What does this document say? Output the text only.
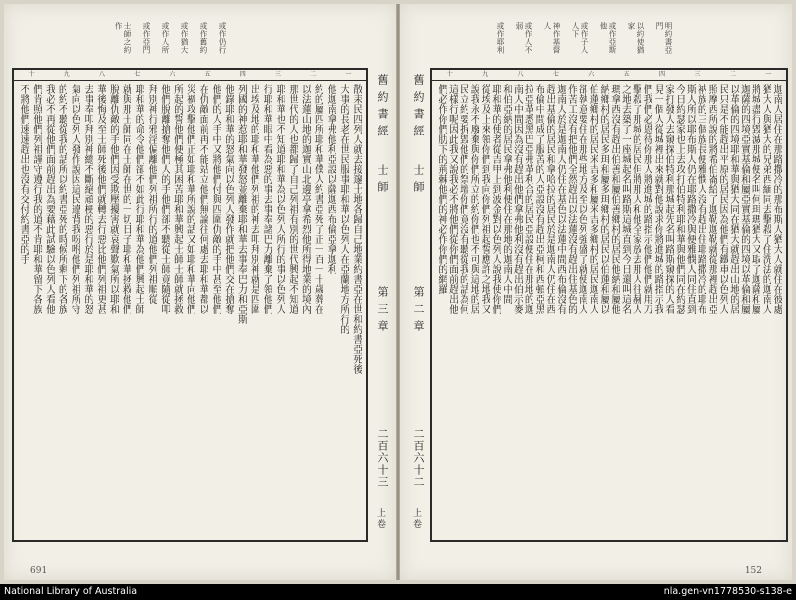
或作仍行
或作舊約
或作猶大
或作人所
或作亞門
士師之約作
一
二
三
四
五
六
七
八
九
十
散耒民四列人就去接邃土地各歸自己地業約書亞在世和約書亞死後
大事的長老在世民服事耶和華以色列人在亞蘭地方所行的
他迦南拿弗他利亞設以薩迦西布倫亞拿迦利
約的屬四所耶和華僕人約書亞死了正一百一十歲葬在
以法蓮山地的迦實山北邊亭拿希烈他所得地業的境內
那世代的人也都歸了自己列祖有別的世代興起不知道
耶和華也不知道耶和華為以色列人所行的事以色列人
行耶和華眼中看為惡的事去事奉諸巴力離棄了領他們
出埃及地的耶和華他們列祖的神去叩拜別神就是四圍
列國的神惹耶和華發怒並離棄耶和華去事奉巴力和亞斯
他錄耶和華的怒氣向以色列人發作就把他們交在搶奪
他們的人手中又將他們付與四圍仇敵的手中甚至他們
在仇敵面前再不能站立他們無論往何處去耶和華都以
災禍攻擊他們正如耶和華所說的話又如耶和華向他們
所起的誓他們便極其困苦耶和華興起士師士師就拯救
他們脫離搶奪他們人的手他們卻不聽從士師竟隨從叩
拜別神行邪淫偏離他們列祖所行的道他們列祖順從
耶和華的命令他們卻不如此行耶和華為他們興起士師
就與那士師同在士師在世的一切日子耶和華拯救他們
脫離仇敵的手他們因受欺壓擾害就哀聲歎氣所以耶和
華後悔及至士師死後他們就轉去行惡比他們列祖更甚
去事奉叩拜別神總不斷絕頑梗的惡行於是耶和華的怒
氣向以色列人發作說因這民違背我吩咐他們列祖所守
的約不聽從我的話所以約書亞死的時候所剩下的各族
我必不再從他們面前趕出為要藉此試驗以色列人看他
們肯照他們列祖謹守遵行我的道不肯耶和華留下各族
不將他們速速趕出也沒有交付約書亞的手	舊約書經
士師
第三章
二百六十三
上卷
691
明約書亞門
以約使猶家
或作亞斯他
或作子人人下
神作基督人
或作人不弱
或作耶利
舊約書經
士師
第二章
二百六十二
上卷
一
二
三
四
五
六
七
八
九
十
迦南人居住在那路撒冷的那布斯人猶大人就住在彼處
猶大人與猶大的兄弟西緬同去擊殺了住洗法的迦南人
將城盡行毀滅那城便名叫何珥瑪猶大又取了迦薩和屬
迦薩的四境亞實基倫和屬亞實基倫的四境以革倫和屬
以革倫的四境耶和華與猶大同在猶大就趕出山地的居
民只是不能趕出平原的居民因為他們有鐵車以色列人
照摩西所說的將希伯崙給了迦勒迦勒就從那裡趕出亞
衲族的三個族長便雅憫人沒有趕出住耶路撒冷的耶布
斯人所以耶布斯人仍在耶路撒冷與便雅憫人同住直到
今日約瑟家也上去攻打伯特利耶和華與他們同在約瑟
家打發人去窺探伯特利那城起先名叫路斯窺探的人看
見一個人從城裡出來就對他說求你將進城的路指示我
們我們必恩待你那人將進城的路指示他們他們就用刀
擊殺了那城的居民但將那人和他全家放去那人往赫人
之地去築了一座城起名叫路斯這城直到今日還叫這名
瑪拿西沒有趕出伯善和屬伯善鄉村的居民他納和屬他
納鄉村的居民多珥和屬多珥鄉村的居民以伯蓮和屬以
伯蓮鄉村的居民米吉多和屬米吉多鄉村的居民迦南人
卻執意要住在那些地方及至以色列強盛了就使迦南人
作苦工沒有把他們全然趕出以法蓮沒有趕出住基色的
迦南人於是迦南人仍住在基色以法蓮中間西布倫沒有
趕出基倫的居民和拿哈拉的居民於是迦南人仍住在西
布倫中間成了服苦的人亞設沒有趕出亞柯和西頓亞黑
拉亞革悉黑巴亞弗革利合的居民亞設便住在那地的迦
南人中間因為沒有趕出他們拿弗他利沒有趕出伯示麥
和伯亞納的居民拿弗他利便住在那地的迦南人中間
耶和華的使者從吉甲上到波金對以色列人說我使你們
從埃及上來領你們到我向你們列祖起誓應許之地我又
說我永不廢棄與你們所立的約你們也不可與這地的居
民立約要拆毀他們的祭壇你們竟沒有聽從我的話為何
這樣行呢因此我又說我必不將他們從你們面前趕出他
們必作你們肋下的荊棘他們的神必作你們的網羅
152
National Library of Australia	nla.gen-vn1778530-s138-e
